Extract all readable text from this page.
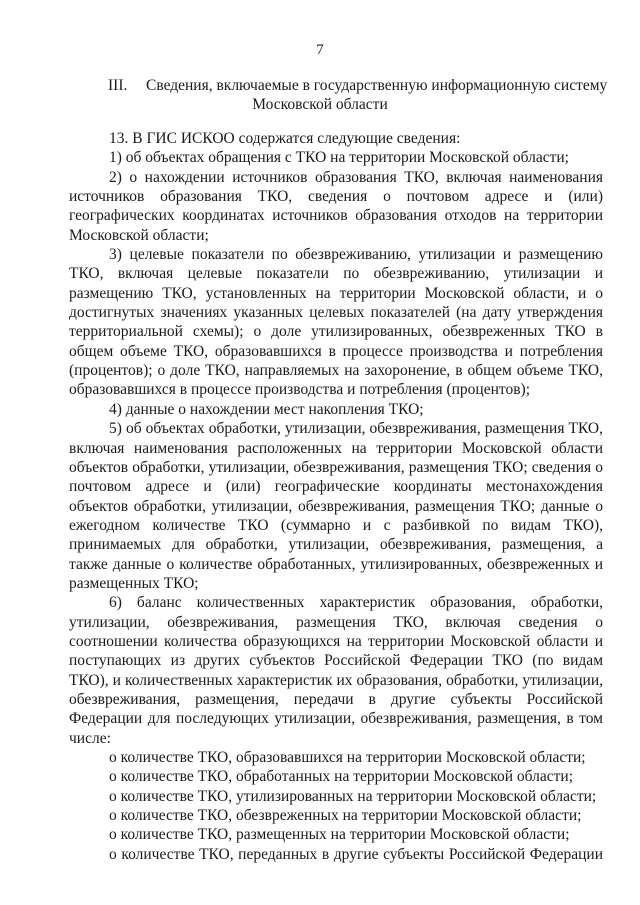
7
III. Сведения, включаемые в государственную информационную систему
Московской области

13. В ГИС ИСКОО содержатся следующие сведения:

1) об объектах обращения с ТКО на территории Московской области;

2) о нахождении источников образования ТКО, включая наименования источников образования ТКО, сведения о почтовом адресе и (или) географических координатах источников образования отходов на территории Московской области;

3) целевые показатели по обезвреживанию, утилизации и размещению ТКО, включая целевые показатели по обезвреживанию, утилизации и размещению ТКО, установленных на территории Московской области, и о достигнутых значениях указанных целевых показателей (на дату утверждения территориальной схемы); о доле утилизированных, обезвреженных ТКО в общем объеме ТКО, образовавшихся в процессе производства и потребления (процентов); о доле ТКО, направляемых на захоронение, в общем объеме ТКО, образовавшихся в процессе производства и потребления (процентов);

4) данные о нахождении мест накопления ТКО;

5) об объектах обработки, утилизации, обезвреживания, размещения ТКО, включая наименования расположенных на территории Московской области объектов обработки, утилизации, обезвреживания, размещения ТКО; сведения о почтовом адресе и (или) географические координаты местонахождения объектов обработки, утилизации, обезвреживания, размещения ТКО; данные о ежегодном количестве ТКО (суммарно и с разбивкой по видам ТКО), принимаемых для обработки, утилизации, обезвреживания, размещения, а также данные о количестве обработанных, утилизированных, обезвреженных и размещенных ТКО;

6) баланс количественных характеристик образования, обработки, утилизации, обезвреживания, размещения ТКО, включая сведения о соотношении количества образующихся на территории Московской области и поступающих из других субъектов Российской Федерации ТКО (по видам ТКО), и количественных характеристик их образования, обработки, утилизации, обезвреживания, размещения, передачи в другие субъекты Российской Федерации для последующих утилизации, обезвреживания, размещения, в том числе:

о количестве ТКО, образовавшихся на территории Московской области;

о количестве ТКО, обработанных на территории Московской области;

о количестве ТКО, утилизированных на территории Московской области;

о количестве ТКО, обезвреженных на территории Московской области;

о количестве ТКО, размещенных на территории Московской области;

о количестве ТКО, переданных в другие субъекты Российской Федерации
